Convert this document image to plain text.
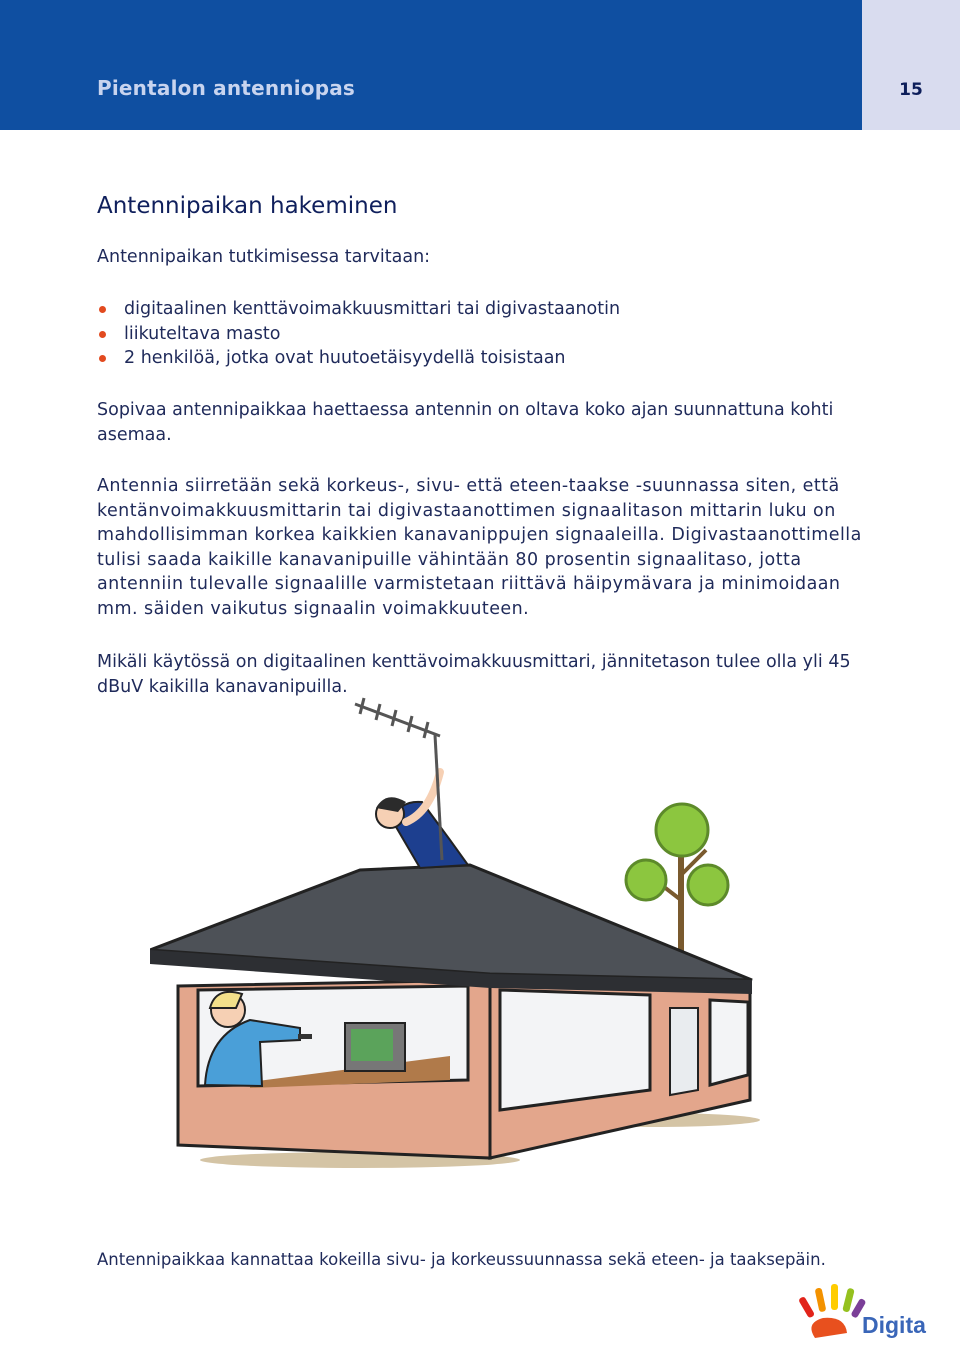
Pientalon antenniopas	15
Antennipaikan hakeminen

Antennipaikan tutkimisessa tarvitaan:

digitaalinen kenttävoimakkuusmittari tai digivastaanotin
liikuteltava masto
2 henkilöä, jotka ovat huutoetäisyydellä toisistaan

Sopivaa antennipaikkaa haettaessa antennin on oltava koko ajan suunnattuna kohti asemaa.

Antennia siirretään sekä korkeus-, sivu- että eteen-taakse -suunnassa siten, että kentänvoimakkuusmittarin tai digivastaanottimen signaalitason mittarin luku on mahdollisimman korkea kaikkien kanavanippujen signaaleilla. Digivastaanottimella tulisi saada kaikille kanavanipuille vähintään 80 prosentin signaalitaso, jotta antenniin tulevalle signaalille varmistetaan riittävä häipymävara ja minimoidaan mm. säiden vaikutus signaalin voimakkuuteen.

Mikäli käytössä on digitaalinen kenttävoimakkuusmittari, jännitetason tulee olla yli 45 dBuV kaikilla kanavanipuilla.

Antennipaikkaa kannattaa kokeilla sivu- ja korkeussuunnassa sekä eteen- ja taaksepäin.

Digita
